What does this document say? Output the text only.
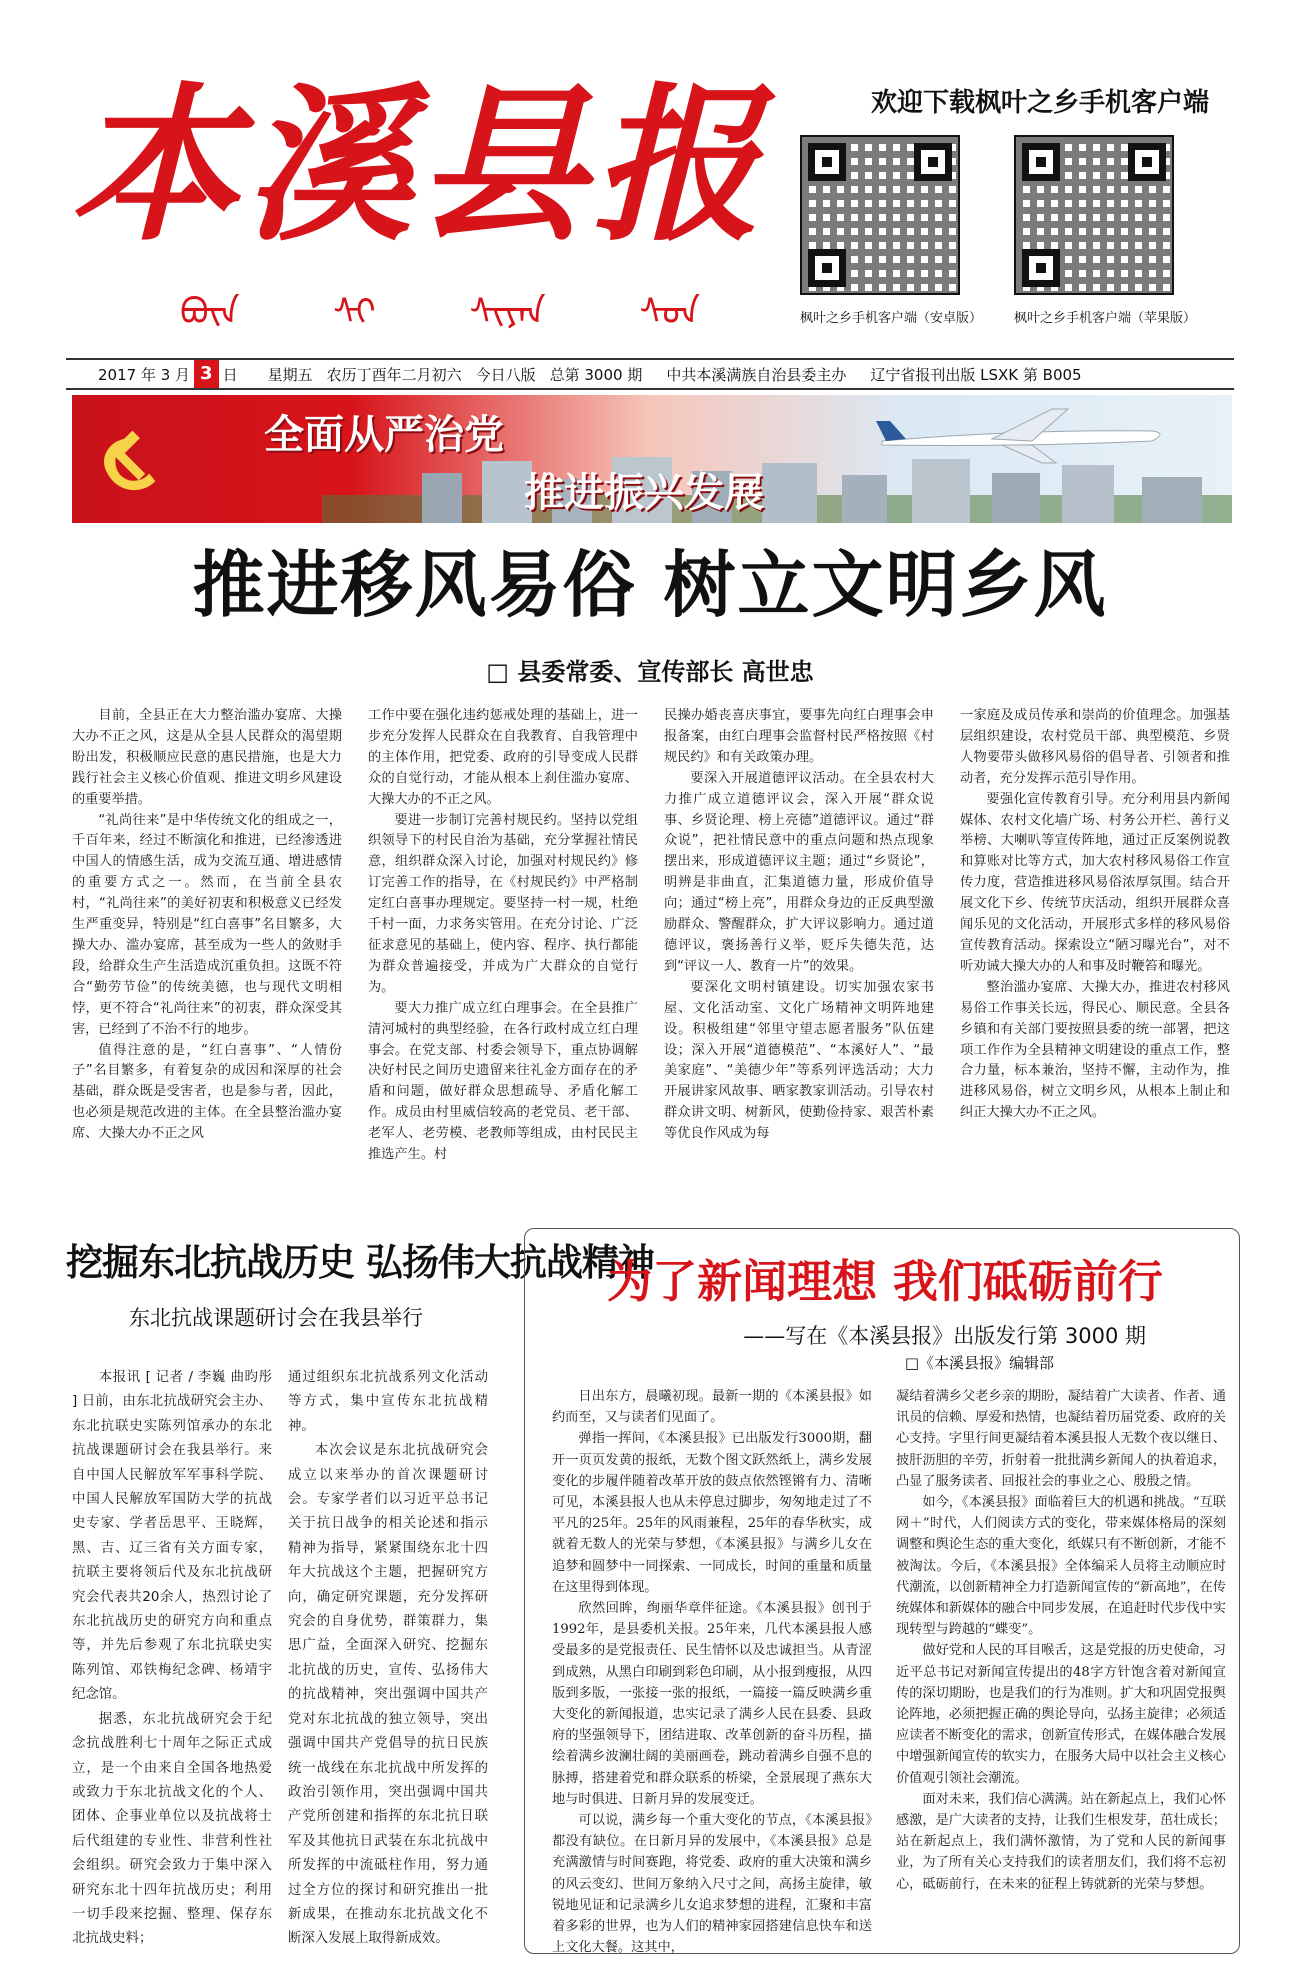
本溪县报
ᠪᠦᠨ	ᠰᠢ	ᠰᠢᠶᠠᠨ	ᠰᠣᠨ
欢迎下载枫叶之乡手机客户端
枫叶之乡手机客户端（安卓版） 枫叶之乡手机客户端（苹果版）
2017 年 3 月 3 日 星期五 农历丁酉年二月初六 今日八版 总第 3000 期 中共本溪满族自治县委主办 辽宁省报刊出版 LSXK 第 B005
全面从严治党
推进振兴发展
推进移风易俗 树立文明乡风
□ 县委常委、宣传部长 高世忠

目前，全县正在大力整治滥办宴席、大操大办不正之风，这是从全县人民群众的渴望期盼出发，积极顺应民意的惠民措施，也是大力践行社会主义核心价值观、推进文明乡风建设的重要举措。

“礼尚往来”是中华传统文化的组成之一，千百年来，经过不断演化和推进，已经渗透进中国人的情感生活，成为交流互通、增进感情的重要方式之一。然而，在当前全县农村，“礼尚往来”的美好初衷和积极意义已经发生严重变异，特别是“红白喜事”名目繁多，大操大办、滥办宴席，甚至成为一些人的敛财手段，给群众生产生活造成沉重负担。这既不符合“勤劳节俭”的传统美德，也与现代文明相悖，更不符合“礼尚往来”的初衷，群众深受其害，已经到了不治不行的地步。

值得注意的是，“红白喜事”、“人情份子”名目繁多，有着复杂的成因和深厚的社会基础，群众既是受害者，也是参与者，因此，也必须是规范改进的主体。在全县整治滥办宴席、大操大办不正之风

工作中要在强化违约惩戒处理的基础上，进一步充分发挥人民群众在自我教育、自我管理中的主体作用，把党委、政府的引导变成人民群众的自觉行动，才能从根本上刹住滥办宴席、大操大办的不正之风。

要进一步制订完善村规民约。坚持以党组织领导下的村民自治为基础，充分掌握社情民意，组织群众深入讨论，加强对村规民约》修订完善工作的指导，在《村规民约》中严格制定红白喜事办理规定。要坚持一村一规，杜绝千村一面，力求务实管用。在充分讨论、广泛征求意见的基础上，使内容、程序、执行都能为群众普遍接受，并成为广大群众的自觉行为。

要大力推广成立红白理事会。在全县推广清河城村的典型经验，在各行政村成立红白理事会。在党支部、村委会领导下，重点协调解决好村民之间历史遗留来往礼金方面存在的矛盾和问题，做好群众思想疏导、矛盾化解工作。成员由村里威信较高的老党员、老干部、老军人、老劳模、老教师等组成，由村民民主推选产生。村

民操办婚丧喜庆事宜，要事先向红白理事会申报备案，由红白理事会监督村民严格按照《村规民约》和有关政策办理。

要深入开展道德评议活动。在全县农村大力推广成立道德评议会，深入开展“群众说事、乡贤论理、榜上亮德”道德评议。通过“群众说”，把社情民意中的重点问题和热点现象摆出来，形成道德评议主题；通过“乡贤论”，明辨是非曲直，汇集道德力量，形成价值导向；通过“榜上亮”，用群众身边的正反典型激励群众、警醒群众，扩大评议影响力。通过道德评议，褒扬善行义举，贬斥失德失范，达到“评议一人、教育一片”的效果。

要深化文明村镇建设。切实加强农家书屋、文化活动室、文化广场精神文明阵地建设。积极组建“邻里守望志愿者服务”队伍建设；深入开展“道德模范”、“本溪好人”、“最美家庭”、“美德少年”等系列评选活动；大力开展讲家风故事、晒家教家训活动。引导农村群众讲文明、树新风，使勤俭持家、艰苦朴素等优良作风成为每

一家庭及成员传承和崇尚的价值理念。加强基层组织建设，农村党员干部、典型模范、乡贤人物要带头做移风易俗的倡导者、引领者和推动者，充分发挥示范引导作用。

要强化宣传教育引导。充分利用县内新闻媒体、农村文化墙广场、村务公开栏、善行义举榜、大喇叭等宣传阵地，通过正反案例说教和算账对比等方式，加大农村移风易俗工作宣传力度，营造推进移风易俗浓厚氛围。结合开展文化下乡、传统节庆活动，组织开展群众喜闻乐见的文化活动，开展形式多样的移风易俗宣传教育活动。探索设立“陋习曝光台”，对不听劝诫大操大办的人和事及时鞭笞和曝光。

整治滥办宴席、大操大办，推进农村移风易俗工作事关长远，得民心、顺民意。全县各乡镇和有关部门要按照县委的统一部署，把这项工作作为全县精神文明建设的重点工作，整合力量，标本兼治，坚持不懈，主动作为，推进移风易俗，树立文明乡风，从根本上制止和纠正大操大办不正之风。

挖掘东北抗战历史 弘扬伟大抗战精神
东北抗战课题研讨会在我县举行

本报讯 [ 记者 / 李巍 曲昀彤 ] 日前，由东北抗战研究会主办、东北抗联史实陈列馆承办的东北抗战课题研讨会在我县举行。来自中国人民解放军军事科学院、中国人民解放军国防大学的抗战史专家、学者岳思平、王晓辉，黑、吉、辽三省有关方面专家，抗联主要将领后代及东北抗战研究会代表共20余人，热烈讨论了东北抗战历史的研究方向和重点等，并先后参观了东北抗联史实陈列馆、邓铁梅纪念碑、杨靖宇纪念馆。

据悉，东北抗战研究会于纪念抗战胜利七十周年之际正式成立，是一个由来自全国各地热爱或致力于东北抗战文化的个人、团体、企事业单位以及抗战将士后代组建的专业性、非营利性社会组织。研究会致力于集中深入研究东北十四年抗战历史；利用一切手段来挖掘、整理、保存东北抗战史料；

通过组织东北抗战系列文化活动等方式，集中宣传东北抗战精神。

本次会议是东北抗战研究会成立以来举办的首次课题研讨会。专家学者们以习近平总书记关于抗日战争的相关论述和指示精神为指导，紧紧围绕东北十四年大抗战这个主题，把握研究方向，确定研究课题，充分发挥研究会的自身优势，群策群力，集思广益，全面深入研究、挖掘东北抗战的历史，宣传、弘扬伟大的抗战精神，突出强调中国共产党对东北抗战的独立领导，突出强调中国共产党倡导的抗日民族统一战线在东北抗战中所发挥的政治引领作用，突出强调中国共产党所创建和指挥的东北抗日联军及其他抗日武装在东北抗战中所发挥的中流砥柱作用，努力通过全方位的探讨和研究推出一批新成果，在推动东北抗战文化不断深入发展上取得新成效。

为了新闻理想 我们砥砺前行
——写在《本溪县报》出版发行第 3000 期
□《本溪县报》编辑部

日出东方，晨曦初现。最新一期的《本溪县报》如约而至，又与读者们见面了。

弹指一挥间，《本溪县报》已出版发行3000期，翻开一页页发黄的报纸，无数个图文跃然纸上，满乡发展变化的步履伴随着改革开放的鼓点依然铿锵有力、清晰可见，本溪县报人也从未停息过脚步，匆匆地走过了不平凡的25年。25年的风雨兼程，25年的春华秋实，成就着无数人的光荣与梦想，《本溪县报》与满乡儿女在追梦和圆梦中一同探索、一同成长，时间的重量和质量在这里得到体现。

欣然回眸，绚丽华章伴征途。《本溪县报》创刊于1992年，是县委机关报。25年来，几代本溪县报人感受最多的是党报责任、民生情怀以及忠诚担当。从青涩到成熟，从黑白印刷到彩色印刷，从小报到瘦报，从四版到多版，一张接一张的报纸，一篇接一篇反映满乡重大变化的新闻报道，忠实记录了满乡人民在县委、县政府的坚强领导下，团结进取、改革创新的奋斗历程，描绘着满乡波澜壮阔的美丽画卷，跳动着满乡自强不息的脉搏，搭建着党和群众联系的桥梁，全景展现了燕东大地与时俱进、日新月异的发展变迁。

可以说，满乡每一个重大变化的节点，《本溪县报》都没有缺位。在日新月异的发展中，《本溪县报》总是充满激情与时间赛跑，将党委、政府的重大决策和满乡的风云变幻、世间万象纳入尺寸之间，高扬主旋律，敏锐地见证和记录满乡儿女追求梦想的进程，汇聚和丰富着多彩的世界，也为人们的精神家园搭建信息快车和送上文化大餐。这其中，

凝结着满乡父老乡亲的期盼，凝结着广大读者、作者、通讯员的信赖、厚爱和热情，也凝结着历届党委、政府的关心支持。字里行间更凝结着本溪县报人无数个夜以继日、披肝沥胆的辛劳，折射着一批批满乡新闻人的执着追求，凸显了服务读者、回报社会的事业之心、殷殷之情。

如今，《本溪县报》面临着巨大的机遇和挑战。“互联网＋”时代，人们阅读方式的变化，带来媒体格局的深刻调整和舆论生态的重大变化，纸媒只有不断创新，才能不被淘汰。今后，《本溪县报》全体编采人员将主动顺应时代潮流，以创新精神全力打造新闻宣传的“新高地”，在传统媒体和新媒体的融合中同步发展，在追赶时代步伐中实现转型与跨越的“蝶变”。

做好党和人民的耳目喉舌，这是党报的历史使命，习近平总书记对新闻宣传提出的48字方针饱含着对新闻宣传的深切期盼，也是我们的行为准则。扩大和巩固党报舆论阵地，必须把握正确的舆论导向，弘扬主旋律；必须适应读者不断变化的需求，创新宣传形式，在媒体融合发展中增强新闻宣传的软实力，在服务大局中以社会主义核心价值观引领社会潮流。

面对未来，我们信心满满。站在新起点上，我们心怀感激，是广大读者的支持，让我们生根发芽，茁壮成长；站在新起点上，我们满怀激情，为了党和人民的新闻事业，为了所有关心支持我们的读者朋友们，我们将不忘初心，砥砺前行，在未来的征程上铸就新的光荣与梦想。
